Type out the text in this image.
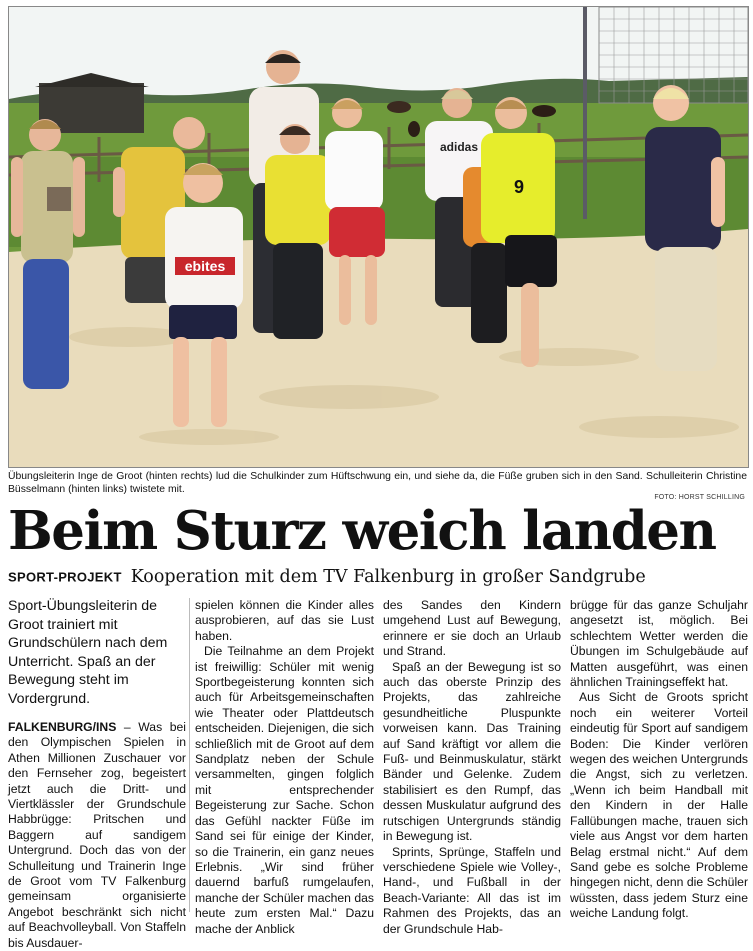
ebites
adidas
9
Übungsleiterin Inge de Groot (hinten rechts) lud die Schulkinder zum Hüftschwung ein, und siehe da, die Füße gruben sich in den Sand. Schulleiterin Christine Büsselmann (hinten links) twistete mit.
FOTO: HORST SCHILLING
Beim Sturz weich landen
SPORT-PROJEKT Kooperation mit dem TV Falkenburg in großer Sandgrube
Sport-Übungsleiterin de Groot trainiert mit Grundschülern nach dem Unterricht. Spaß an der Bewegung steht im Vordergrund.

FALKENBURG/INS – Was bei den Olympischen Spielen in Athen Millionen Zuschauer vor den Fernseher zog, begeistert jetzt auch die Dritt- und Viertklässler der Grundschule Habbrügge: Pritschen und Baggern auf sandigem Untergrund. Doch das von der Schulleitung und Trainerin Inge de Groot vom TV Falkenburg gemeinsam organisierte Angebot beschränkt sich nicht auf Beachvolleyball. Von Staffeln bis Ausdauer-

spielen können die Kinder alles ausprobieren, auf das sie Lust haben.

Die Teilnahme an dem Projekt ist freiwillig: Schüler mit wenig Sportbegeisterung konnten sich auch für Arbeitsgemeinschaften wie Theater oder Plattdeutsch entscheiden. Diejenigen, die sich schließlich mit de Groot auf dem Sandplatz neben der Schule versammelten, gingen folglich mit entsprechender Begeisterung zur Sache. Schon das Gefühl nackter Füße im Sand sei für einige der Kinder, so die Trainerin, ein ganz neues Erlebnis. „Wir sind früher dauernd barfuß rumgelaufen, manche der Schüler machen das heute zum ersten Mal.“ Dazu mache der Anblick

des Sandes den Kindern umgehend Lust auf Bewegung, erinnere er sie doch an Urlaub und Strand.

Spaß an der Bewegung ist so auch das oberste Prinzip des Projekts, das zahlreiche gesundheitliche Pluspunkte vorweisen kann. Das Training auf Sand kräftigt vor allem die Fuß- und Beinmuskulatur, stärkt Bänder und Gelenke. Zudem stabilisiert es den Rumpf, das dessen Muskulatur aufgrund des rutschigen Untergrunds ständig in Bewegung ist.

Sprints, Sprünge, Staffeln und verschiedene Spiele wie Volley-, Hand-, und Fußball in der Beach-Variante: All das ist im Rahmen des Projekts, das an der Grundschule Hab-

brügge für das ganze Schuljahr angesetzt ist, möglich. Bei schlechtem Wetter werden die Übungen im Schulgebäude auf Matten ausgeführt, was einen ähnlichen Trainingseffekt hat.

Aus Sicht de Groots spricht noch ein weiterer Vorteil eindeutig für Sport auf sandigem Boden: Die Kinder verlören wegen des weichen Untergrunds die Angst, sich zu verletzen. „Wenn ich beim Handball mit den Kindern in der Halle Fallübungen mache, trauen sich viele aus Angst vor dem harten Belag erstmal nicht.“ Auf dem Sand gebe es solche Probleme hingegen nicht, denn die Schüler wüssten, dass jedem Sturz eine weiche Landung folgt.
